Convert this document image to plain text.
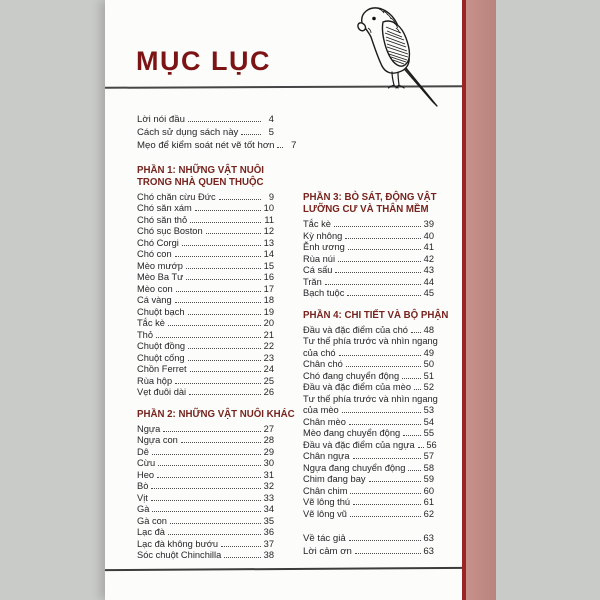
MỤC LỤC
Lời nói đầu	4
Cách sử dụng sách này	5
Mẹo để kiểm soát nét vẽ tốt hơn	7
PHẦN 1: NHỮNG VẬT NUÔI
TRONG NHÀ QUEN THUỘC
Chó chăn cừu Đức	9
Chó săn xám	10
Chó săn thỏ	11
Chó sục Boston	12
Chó Corgi	13
Chó con	14
Mèo mướp	15
Mèo Ba Tư	16
Mèo con	17
Cá vàng	18
Chuột bạch	19
Tắc kè	20
Thỏ	21
Chuột đồng	22
Chuột cống	23
Chồn Ferret	24
Rùa hộp	25
Vẹt đuôi dài	26
PHẦN 2: NHỮNG VẬT NUÔI KHÁC
Ngựa	27
Ngựa con	28
Dê	29
Cừu	30
Heo	31
Bò	32
Vịt	33
Gà	34
Gà con	35
Lạc đà	36
Lạc đà không bướu	37
Sóc chuột Chinchilla	38
PHẦN 3: BÒ SÁT, ĐỘNG VẬT
LƯỠNG CƯ VÀ THÂN MỀM
Tắc kè	39
Kỳ nhông	40
Ễnh ương	41
Rùa núi	42
Cá sấu	43
Trăn	44
Bạch tuộc	45
PHẦN 4: CHI TIẾT VÀ BỘ PHẬN
Đầu và đặc điểm của chó 48
Tư thế phía trước và nhìn ngang
của chó	49
Chân chó	50
Chó đang chuyển động	51
Đầu và đặc điểm của mèo 52
Tư thế phía trước và nhìn ngang
của mèo	53
Chân mèo	54
Mèo đang chuyển động	55
Đầu và đặc điểm của ngựa 56
Chân ngựa	57
Ngựa đang chuyển động 58
Chim đang bay	59
Chân chim	60
Vẽ lông thú	61
Vẽ lông vũ	62
Về tác giả	63
Lời cảm ơn	63
